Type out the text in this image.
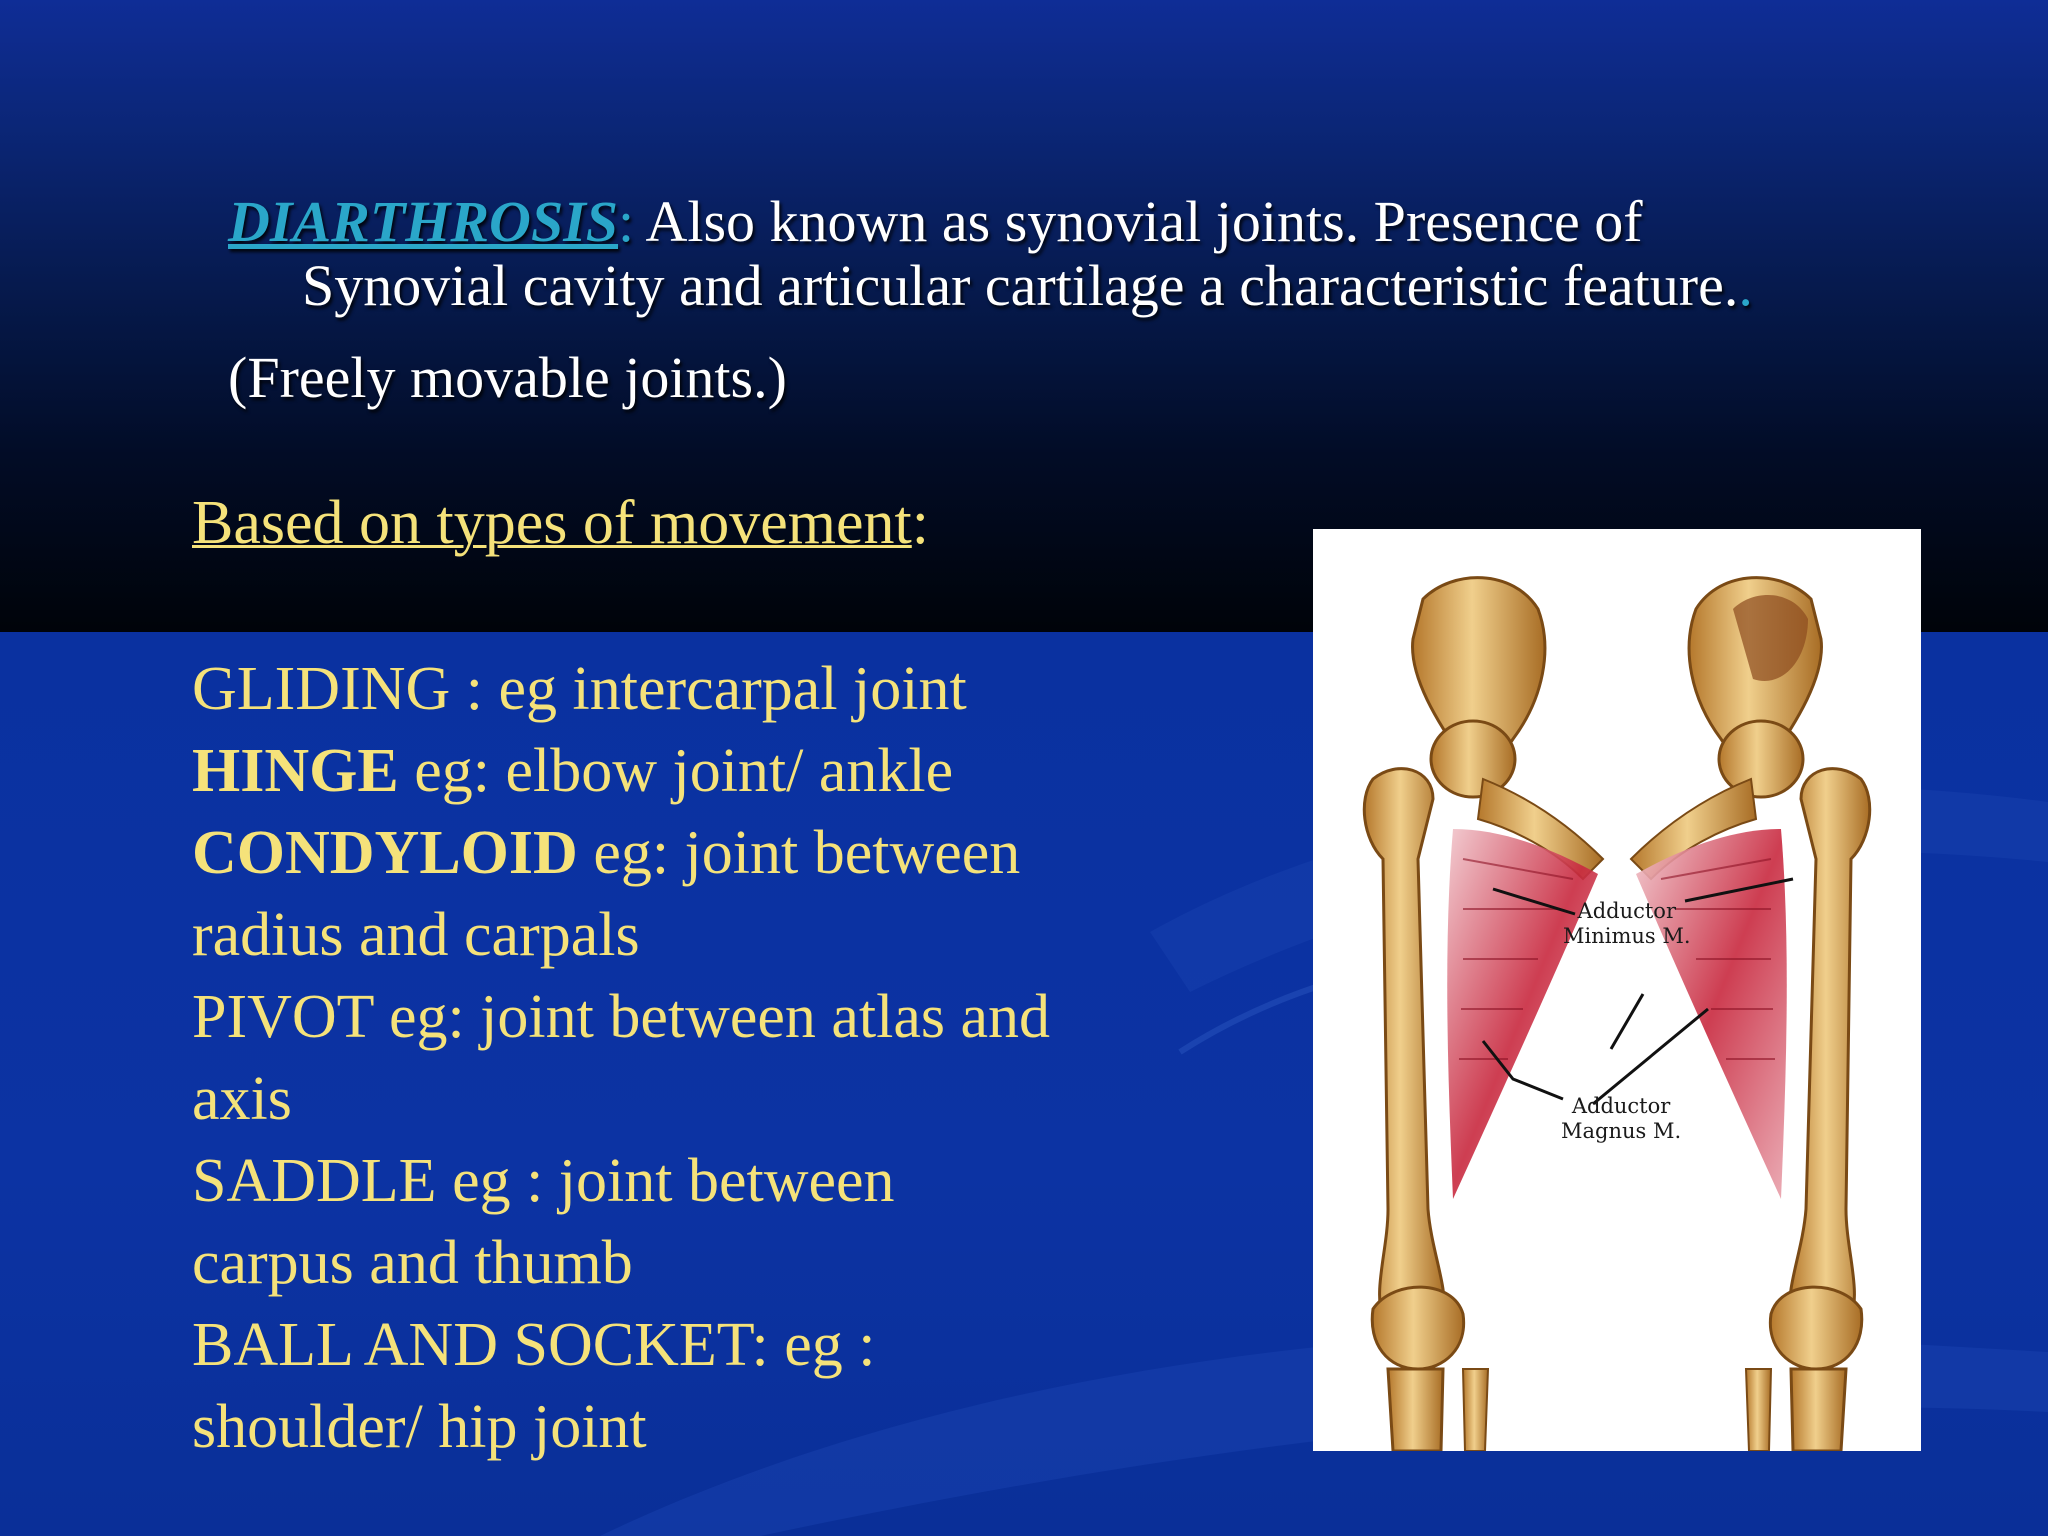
DIARTHROSIS: Also known as synovial joints. Presence of
Synovial cavity and articular cartilage a characteristic feature..
(Freely movable joints.)
Based on types of movement:
GLIDING : eg intercarpal joint
HINGE eg: elbow joint/ ankle
CONDYLOID eg: joint between
radius and carpals
PIVOT eg: joint between atlas and
axis
SADDLE eg : joint between
carpus and thumb
BALL AND SOCKET: eg :
shoulder/ hip joint
Adductor
Minimus M.
Adductor
Magnus M.
